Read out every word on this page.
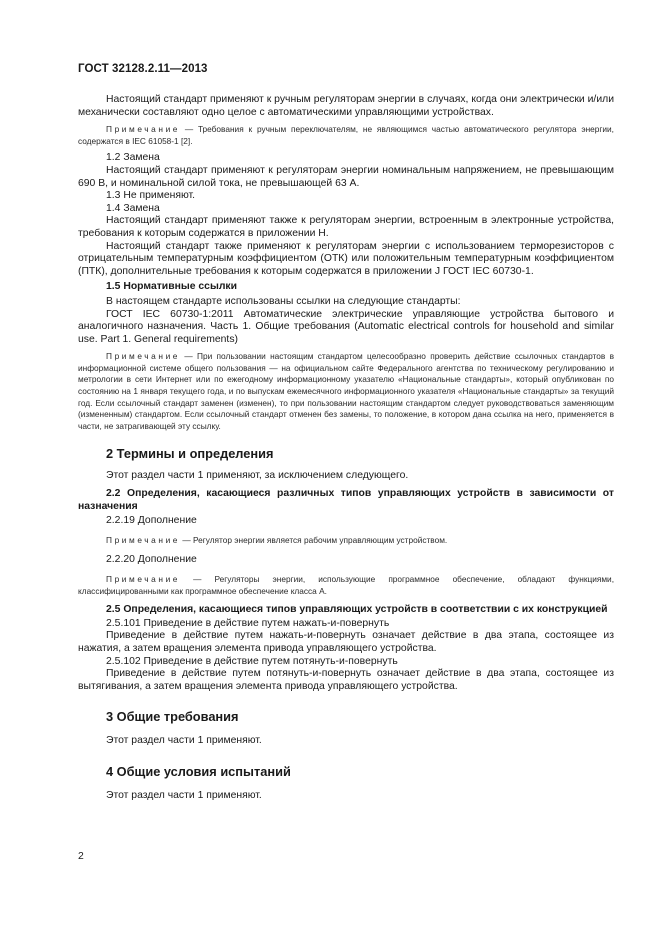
ГОСТ 32128.2.11—2013

Настоящий стандарт применяют к ручным регуляторам энергии в случаях, когда они электрически и/или механически составляют одно целое с автоматическими управляющими устройствах.

Примечание — Требования к ручным переключателям, не являющимся частью автоматического регулятора энергии, содержатся в IEC 61058-1 [2].

1.2 Замена

Настоящий стандарт применяют к регуляторам энергии номинальным напряжением, не превышающим 690 В, и номинальной силой тока, не превышающей 63 А.

1.3 Не применяют.

1.4 Замена

Настоящий стандарт применяют также к регуляторам энергии, встроенным в электронные устройства, требования к которым содержатся в приложении Н.

Настоящий стандарт также применяют к регуляторам энергии с использованием терморезисторов с отрицательным температурным коэффициентом (ОТК) или положительным температурным коэффициентом (ПТК), дополнительные требования к которым содержатся в приложении J ГОСТ IEC 60730-1.

1.5 Нормативные ссылки

В настоящем стандарте использованы ссылки на следующие стандарты:

ГОСТ IEC 60730-1:2011 Автоматические электрические управляющие устройства бытового и аналогичного назначения. Часть 1. Общие требования (Automatic electrical controls for household and similar use. Part 1. General requirements)

Примечание — При пользовании настоящим стандартом целесообразно проверить действие ссылочных стандартов в информационной системе общего пользования — на официальном сайте Федерального агентства по техническому регулированию и метрологии в сети Интернет или по ежегодному информационному указателю «Национальные стандарты», который опубликован по состоянию на 1 января текущего года, и по выпускам ежемесячного информационного указателя «Национальные стандарты» за текущий год. Если ссылочный стандарт заменен (изменен), то при пользовании настоящим стандартом следует руководствоваться заменяющим (измененным) стандартом. Если ссылочный стандарт отменен без замены, то положение, в котором дана ссылка на него, применяется в части, не затрагивающей эту ссылку.

2 Термины и определения

Этот раздел части 1 применяют, за исключением следующего.

2.2 Определения, касающиеся различных типов управляющих устройств в зависимости от назначения

2.2.19 Дополнение

Примечание — Регулятор энергии является рабочим управляющим устройством.

2.2.20 Дополнение

Примечание — Регуляторы энергии, использующие программное обеспечение, обладают функциями, классифицированными как программное обеспечение класса А.

2.5 Определения, касающиеся типов управляющих устройств в соответствии с их конструкцией

2.5.101 Приведение в действие путем нажать-и-повернуть

Приведение в действие путем нажать-и-повернуть означает действие в два этапа, состоящее из нажатия, а затем вращения элемента привода управляющего устройства.

2.5.102 Приведение в действие путем потянуть-и-повернуть

Приведение в действие путем потянуть-и-повернуть означает действие в два этапа, состоящее из вытягивания, а затем вращения элемента привода управляющего устройства.

3 Общие требования

Этот раздел части 1 применяют.

4 Общие условия испытаний

Этот раздел части 1 применяют.

2
